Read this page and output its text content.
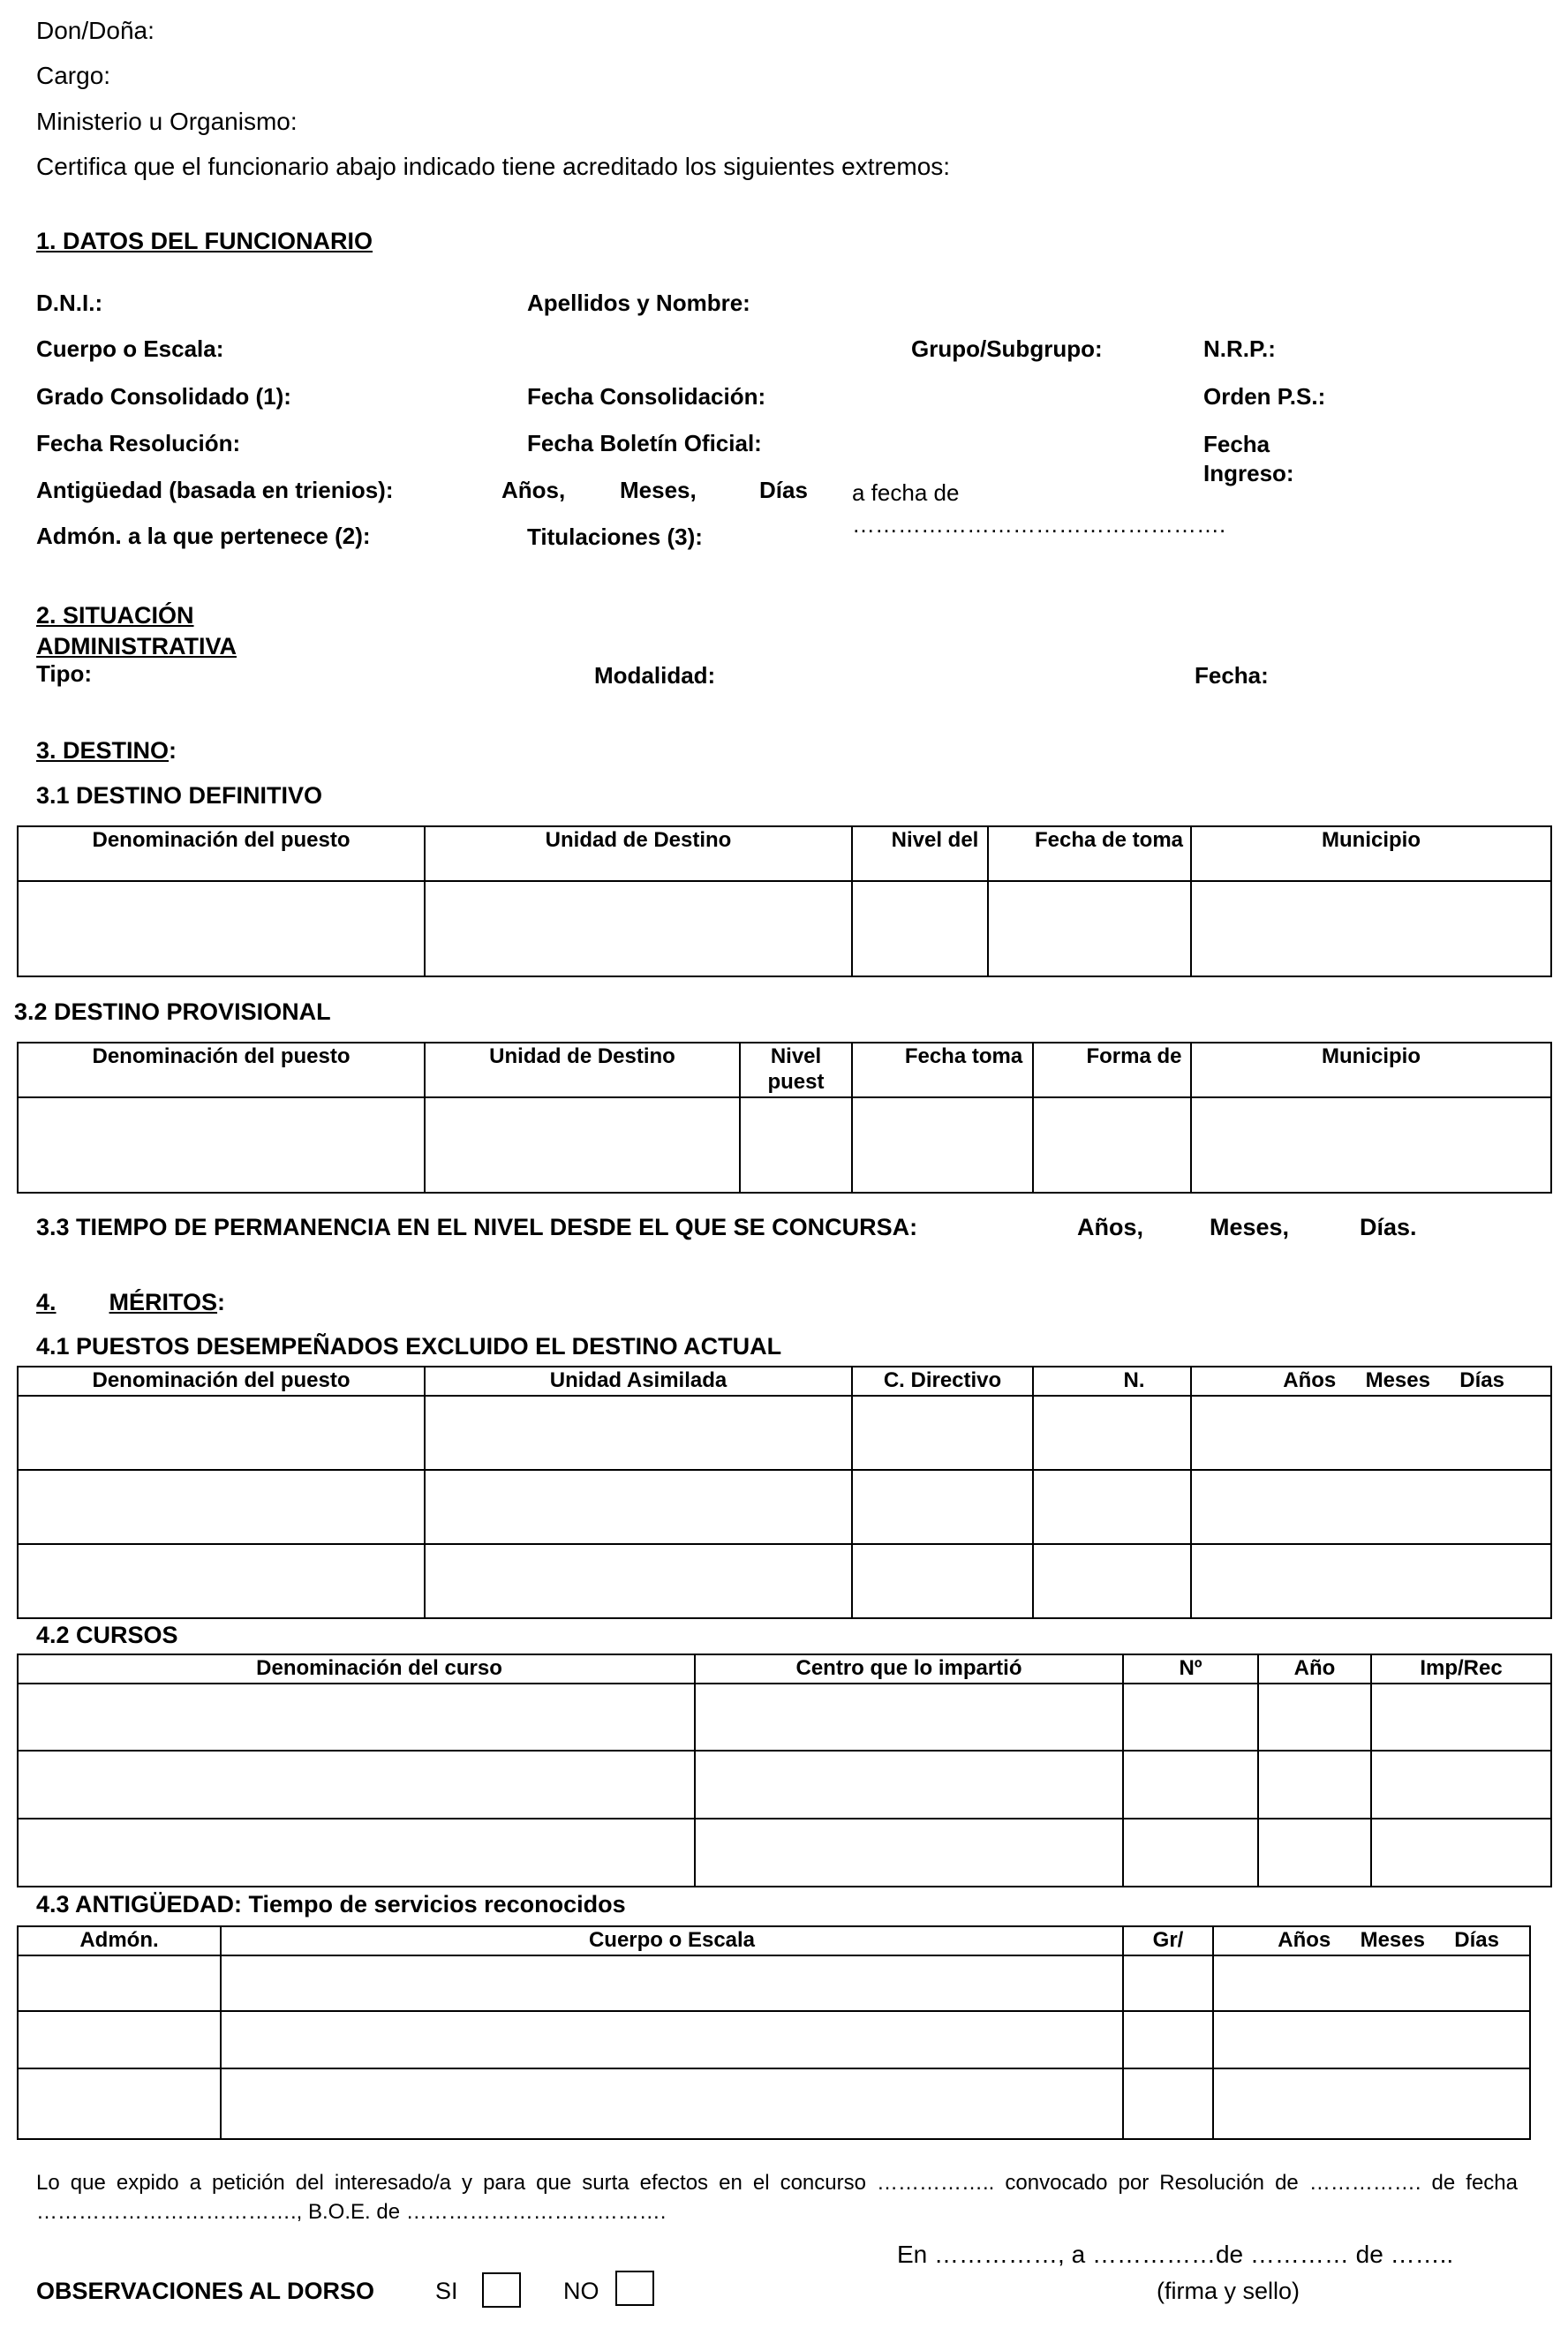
Don/Doña:
Cargo:
Ministerio u Organismo:
Certifica que el funcionario abajo indicado tiene acreditado los siguientes extremos:
1. DATOS DEL FUNCIONARIO
D.N.I.:	Apellidos y Nombre:
Cuerpo o Escala:	Grupo/Subgrupo:	N.R.P.:
Grado Consolidado (1):	Fecha Consolidación:	Orden P.S.:
Fecha Resolución:	Fecha Boletín Oficial:	Fecha Ingreso:
Antigüedad (basada en trienios):	Años, Meses,	Días a fecha de ………………………………………….
Admón. a la que pertenece (2):	Titulaciones (3):
2. SITUACIÓN ADMINISTRATIVA
Tipo:	Modalidad:	Fecha:
3. DESTINO:
3.1 DESTINO DEFINITIVO
Denominación del puesto	Unidad de Destino	Nivel del	Fecha de toma	Municipio

3.2 DESTINO PROVISIONAL
Denominación del puesto	Unidad de Destino	Nivel puest	Fecha toma	Forma de	Municipio

3.3 TIEMPO DE PERMANENCIA EN EL NIVEL DESDE EL QUE SE CONCURSA:	Años,	Meses,	Días.
4. MÉRITOS:
4.1 PUESTOS DESEMPEÑADOS EXCLUIDO EL DESTINO ACTUAL
Denominación del puesto	Unidad Asimilada	C. Directivo	N.	Años     Meses     Días

4.2 CURSOS
Denominación del curso	Centro que lo impartió	Nº	Año	Imp/Rec

4.3 ANTIGÜEDAD: Tiempo de servicios reconocidos
Admón.	Cuerpo o Escala	Gr/	Años     Meses     Días

Lo que expido a petición del interesado/a y para que surta efectos en el concurso …………….. convocado por Resolución de ……………. de fecha ………………………………., B.O.E. de ……………………………….
En ……………, a ……………de ………… de ……..
(firma y sello)
OBSERVACIONES AL DORSO	SI	NO
